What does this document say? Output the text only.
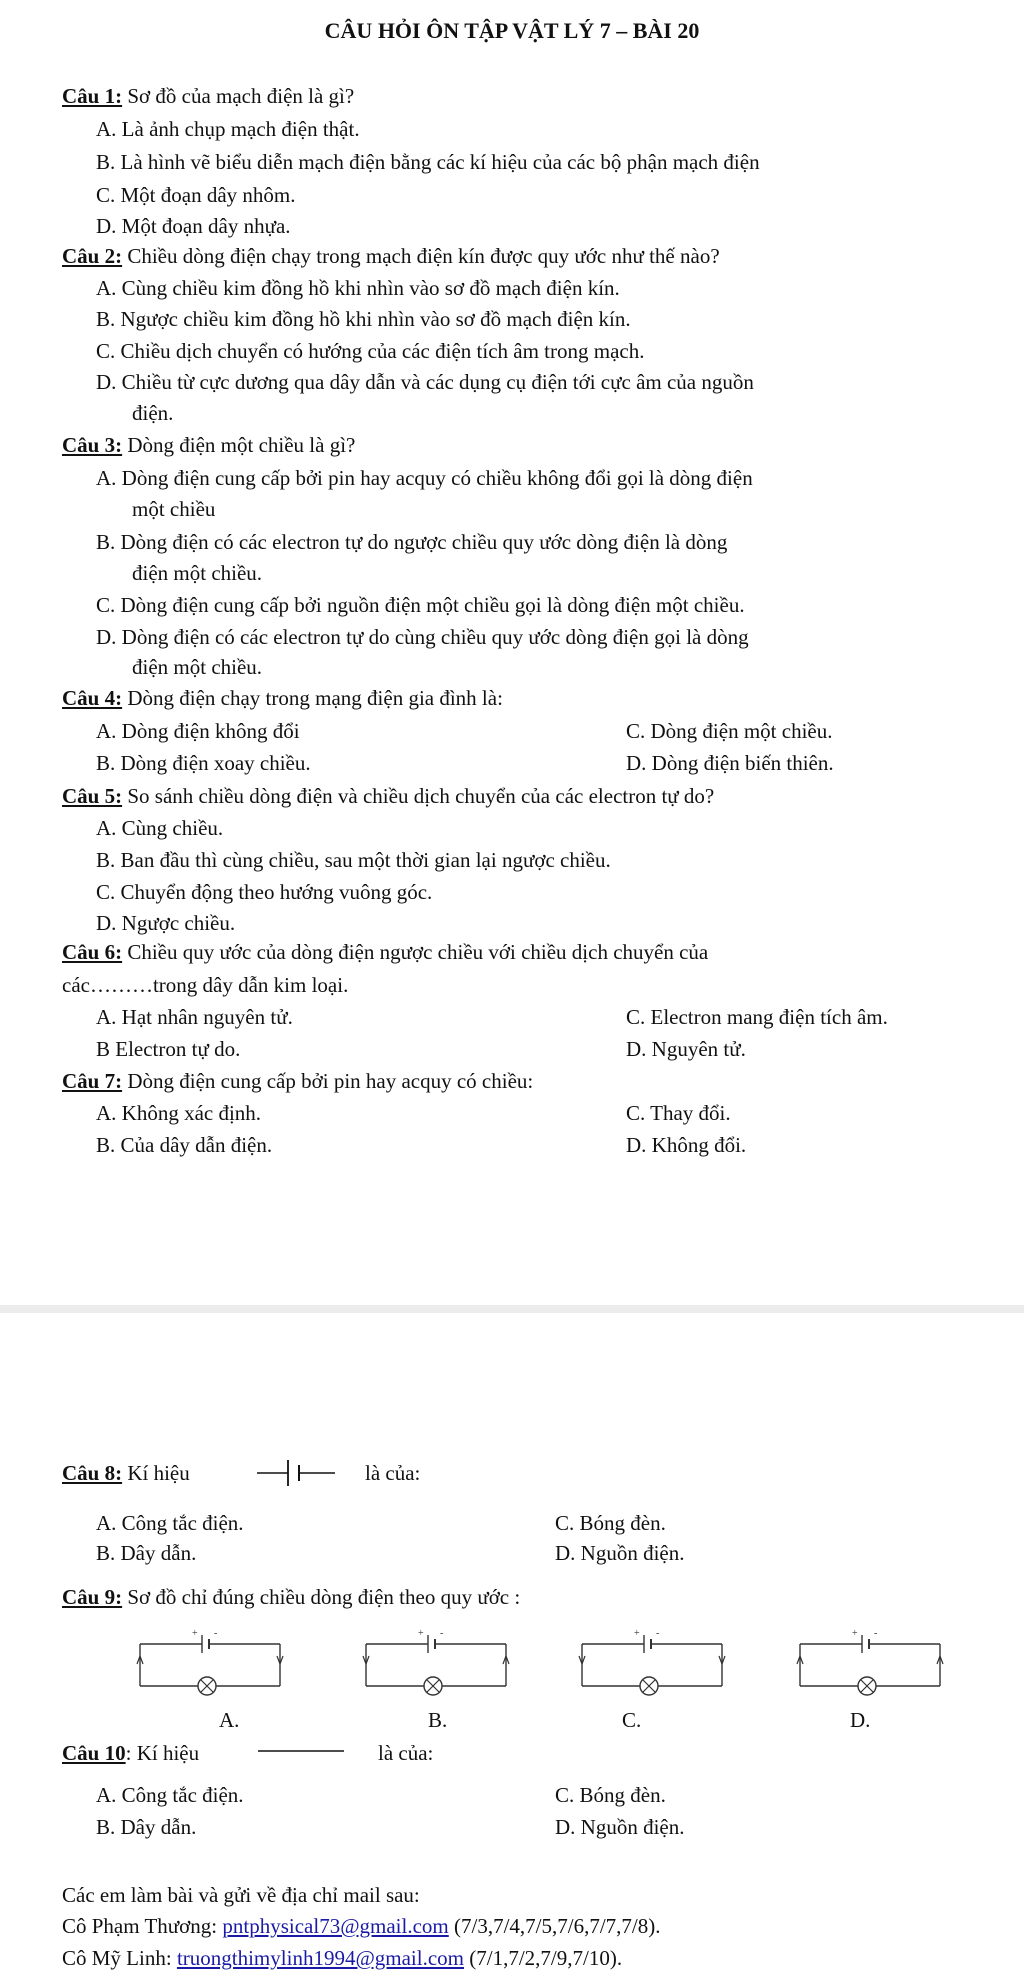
CÂU HỎI ÔN TẬP VẬT LÝ 7 – BÀI 20
Câu 1: Sơ đồ của mạch điện là gì?
A. Là ảnh chụp mạch điện thật.
B. Là hình vẽ biểu diễn mạch điện bằng các kí hiệu của các bộ phận mạch điện
C. Một đoạn dây nhôm.
D. Một đoạn dây nhựa.
Câu 2: Chiều dòng điện chạy trong mạch điện kín được quy ước như thế nào?
A. Cùng chiều kim đồng hồ khi nhìn vào sơ đồ mạch điện kín.
B. Ngược chiều kim đồng hồ khi nhìn vào sơ đồ mạch điện kín.
C. Chiều dịch chuyển có hướng của các điện tích âm trong mạch.
D. Chiều từ cực dương qua dây dẫn và các dụng cụ điện tới cực âm của nguồn
điện.
Câu 3: Dòng điện một chiều là gì?
A. Dòng điện cung cấp bởi pin hay acquy có chiều không đổi gọi là dòng điện
một chiều
B. Dòng điện có các electron tự do ngược chiều quy ước dòng điện là dòng
điện một chiều.
C. Dòng điện cung cấp bởi nguồn điện một chiều gọi là dòng điện một chiều.
D. Dòng điện có các electron tự do cùng chiều quy ước dòng điện gọi là dòng
điện một chiều.
Câu 4: Dòng điện chạy trong mạng điện gia đình là:
A. Dòng điện không đổi	C. Dòng điện một chiều.
B. Dòng điện xoay chiều.	D. Dòng điện biến thiên.
Câu 5: So sánh chiều dòng điện và chiều dịch chuyển của các electron tự do?
A. Cùng chiều.
B. Ban đầu thì cùng chiều, sau một thời gian lại ngược chiều.
C. Chuyển động theo hướng vuông góc.
D. Ngược chiều.
Câu 6: Chiều quy ước của dòng điện ngược chiều với chiều dịch chuyển của
các………trong dây dẫn kim loại.
A. Hạt nhân nguyên tử.	C. Electron mang điện tích âm.
B Electron tự do.	D. Nguyên tử.
Câu 7: Dòng điện cung cấp bởi pin hay acquy có chiều:
A. Không xác định.	C. Thay đổi.
B. Của dây dẫn điện.	D. Không đổi.
Câu 8: Kí hiệu	là của:
A. Công tắc điện.	C. Bóng đèn.
B. Dây dẫn.	D. Nguồn điện.
Câu 9: Sơ đồ chỉ đúng chiều dòng điện theo quy ước :
+ -	+ -	+ -	+ -
A.	B.	C.	D.
Câu 10: Kí hiệu	là của:
A. Công tắc điện.	C. Bóng đèn.
B. Dây dẫn.	D. Nguồn điện.
Các em làm bài và gửi về địa chỉ mail sau:
Cô Phạm Thương: pntphysical73@gmail.com (7/3,7/4,7/5,7/6,7/7,7/8).
Cô Mỹ Linh: truongthimylinh1994@gmail.com (7/1,7/2,7/9,7/10).
